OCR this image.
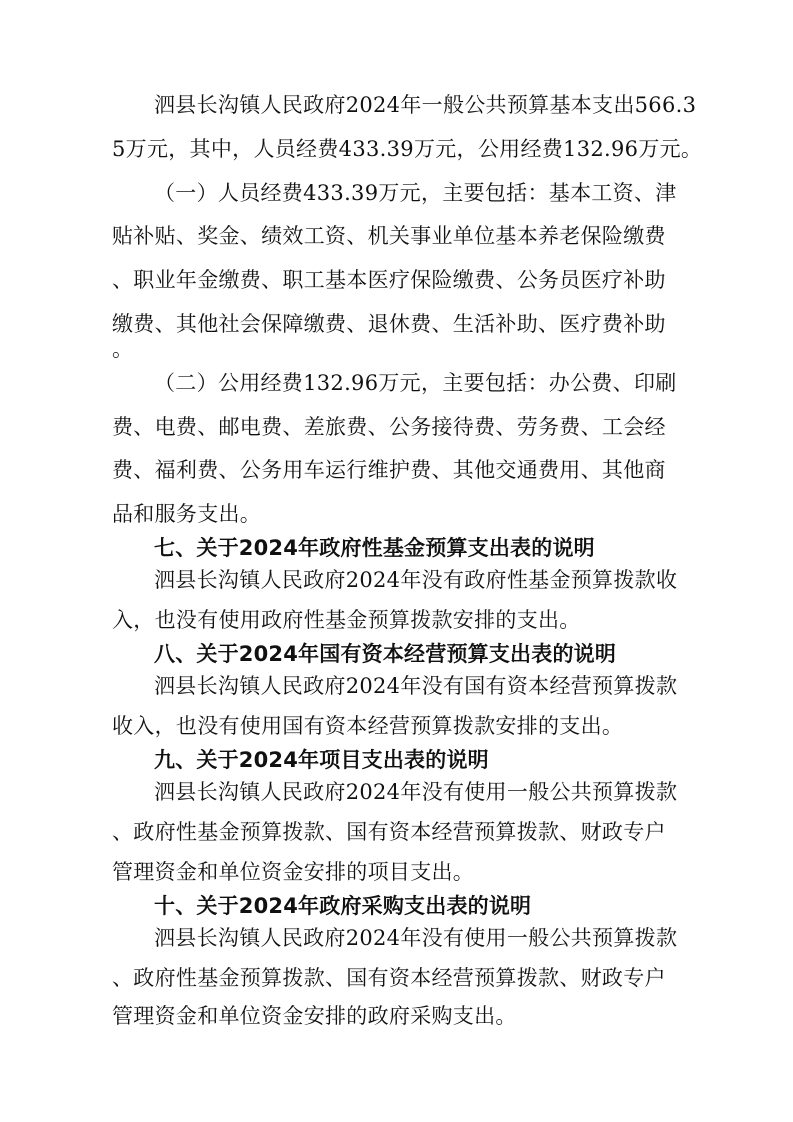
泗县长沟镇人民政府2024年一般公共预算基本支出566.3
5万元，其中，人员经费433.39万元，公用经费132.96万元。
（一）人员经费433.39万元，主要包括：基本工资、津
贴补贴、奖金、绩效工资、机关事业单位基本养老保险缴费
、职业年金缴费、职工基本医疗保险缴费、公务员医疗补助
缴费、其他社会保障缴费、退休费、生活补助、医疗费补助
。
（二）公用经费132.96万元，主要包括：办公费、印刷
费、电费、邮电费、差旅费、公务接待费、劳务费、工会经
费、福利费、公务用车运行维护费、其他交通费用、其他商
品和服务支出。
七、关于2024年政府性基金预算支出表的说明
泗县长沟镇人民政府2024年没有政府性基金预算拨款收
入，也没有使用政府性基金预算拨款安排的支出。
八、关于2024年国有资本经营预算支出表的说明
泗县长沟镇人民政府2024年没有国有资本经营预算拨款
收入，也没有使用国有资本经营预算拨款安排的支出。
九、关于2024年项目支出表的说明
泗县长沟镇人民政府2024年没有使用一般公共预算拨款
、政府性基金预算拨款、国有资本经营预算拨款、财政专户
管理资金和单位资金安排的项目支出。
十、关于2024年政府采购支出表的说明
泗县长沟镇人民政府2024年没有使用一般公共预算拨款
、政府性基金预算拨款、国有资本经营预算拨款、财政专户
管理资金和单位资金安排的政府采购支出。
